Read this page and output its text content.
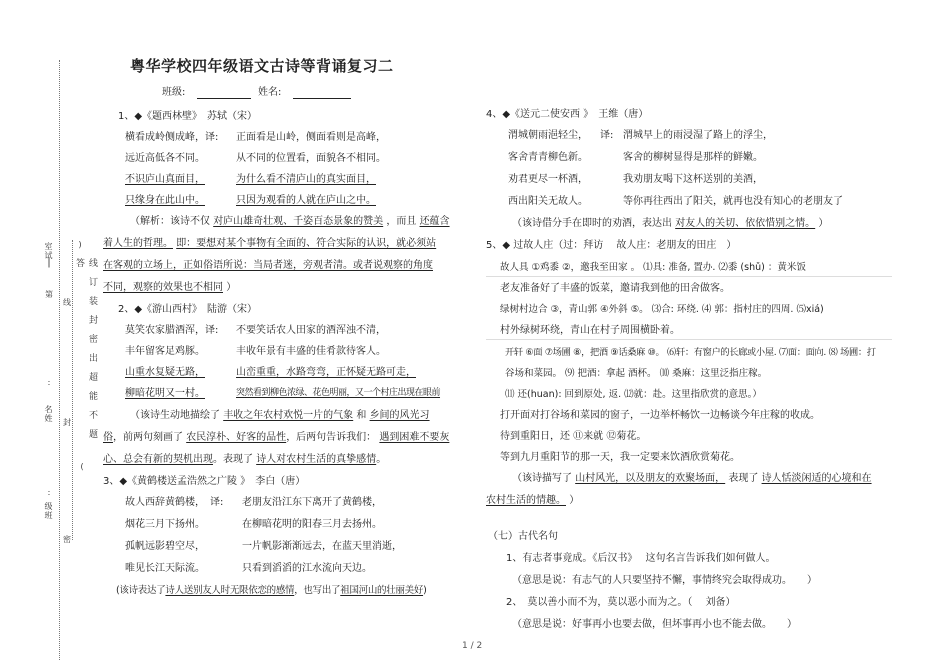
室试
第
名姓
:
级班
:
密
封
线
)
线订装封密出超能不题答
(
粤华学校四年级语文古诗等背诵复习二
班级:	姓名:
1、◆《题西林壁》　苏轼（宋）
横看成岭侧成峰，译: 正面看是山岭，侧面看则是高峰，
远近高低各不同。	从不同的位置看，面貌各不相同。
不识庐山真面目，	为什么看不清庐山的真实面目，
只缘身在此山中。	只因为观看的人就在庐山之中。
（解析：该诗不仅 对庐山雄奇壮观、千姿百态景象的赞美 ，而且 还蕴含
着人生的哲理。 即：要想对某个事物有全面的、符合实际的认识，就必须站
在客观的立场上，正如俗语所说：当局者迷，旁观者清。或者说观察的角度
不同，观察的效果也不相同 ）
2、◆《游山西村》　陆游（宋）
莫笑农家腊酒浑，译: 不要笑话农人田家的酒浑浊不清，
丰年留客足鸡豚。	丰收年景有丰盛的佳肴款待客人。
山重水复疑无路，	山峦重重，水路弯弯，正怀疑无路可走，
柳暗花明又一村。	突然看到柳色浓绿、花色明丽，又一个村庄出现在眼前
（该诗生动地描绘了 丰收之年农村欢悦一片的气象 和 乡间的风光习
俗，前两句刻画了 农民淳朴、好客的品性，后两句告诉我们： 遇到困难不要灰
心、总会有新的契机出现。表现了 诗人对农村生活的真挚感情。
3、◆《黄鹤楼送孟浩然之广陵 》　李白（唐）
故人西辞黄鹤楼，　译: 老朋友沿江东下离开了黄鹤楼，
烟花三月下扬州。	在柳暗花明的阳春三月去扬州。
孤帆远影碧空尽，	一片帆影渐渐远去，在蓝天里消逝，
唯见长江天际流。	只看到滔滔的江水流向天边。
(该诗表达了诗人送别友人时无限依恋的感情，也写出了祖国河山的壮丽美好)
4、◆《送元二使安西 》　王维（唐）
渭城朝雨浥轻尘， 译: 渭城早上的雨浸湿了路上的浮尘，
客舍青青柳色新。	客舍的柳树显得是那样的鲜嫩。
劝君更尽一杯酒，	我劝朋友喝下这杯送别的美酒，
西出阳关无故人。	等你再往西出了阳关，就再也没有知心的老朋友了
（该诗借分手在即时的劝酒，表达出 对友人的关切、依依惜别之情。 ）
5、◆ 过故人庄（过：拜访　 故人庄：老朋友的田庄　）
故人具 ①鸡黍 ②，邀我至田家 。 ⑴具: 准备, 置办. ⑵黍 (shǔ) ：黄米饭
老友准备好了丰盛的饭菜，邀请我到他的田舍做客。
绿树村边合 ③，青山郭 ④外斜 ⑤。 ⑶合: 环绕. ⑷ 郭：指村庄的四周. ⑸xiá)
村外绿树环绕，青山在村子周围横卧着。
开轩 ⑥面 ⑦场圃 ⑧，把酒 ⑨话桑麻 ⑩。 ⑹轩：有窗户的长廊或小屋. ⑺面：面向. ⑻ 场圃：打
谷场和菜园。 ⑼ 把酒：拿起 酒杯。 ⑽ 桑麻：这里泛指庄稼。
⑾ 还(huan): 回到原处, 返. ⑿就：赴。这里指欣赏的意思。）
打开面对打谷场和菜园的窗子，一边举杯畅饮一边畅谈今年庄稼的收成。
待到重阳日，还 ⑪来就 ⑫菊花。
等到九月重阳节的那一天，我一定要来饮酒欣赏菊花。
（该诗描写了 山村风光，以及朋友的欢聚场面， 表现了 诗人恬淡闲适的心境和在
农村生活的情趣。 ）
（七）古代名句
1、有志者事竟成。《后汉书》　 这句名言告诉我们如何做人。
（意思是说：有志气的人只要坚持不懈，事情终究会取得成功。　　）
2、　莫以善小而不为，莫以恶小而为之。（　 刘备）
（意思是说：好事再小也要去做，但坏事再小也不能去做。　　）
1 / 2
